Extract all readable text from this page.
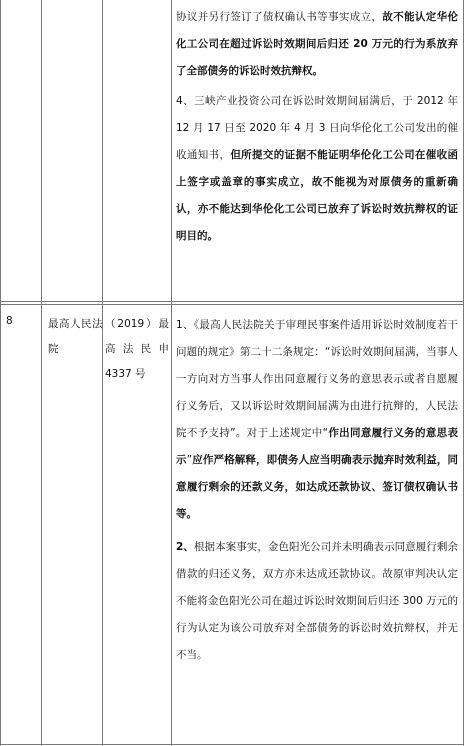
协议并另行签订了债权确认书等事实成立，故不能认定华伦化工公司在超过诉讼时效期间后归还 20 万元的行为系放弃了全部债务的诉讼时效抗辩权。

4、三峡产业投资公司在诉讼时效期间届满后，于 2012 年 12 月 17 日至 2020 年 4 月 3 日向华伦化工公司发出的催收通知书，但所提交的证据不能证明华伦化工公司在催收函上签字或盖章的事实成立，故不能视为对原债务的重新确认，亦不能达到华伦化工公司已放弃了诉讼时效抗辩权的证明目的。

8	最高人民法院
（2019）最高法民申 4337 号

1、《最高人民法院关于审理民事案件适用诉讼时效制度若干问题的规定》第二十二条规定：“诉讼时效期间届满，当事人一方向对方当事人作出同意履行义务的意思表示或者自愿履行义务后，又以诉讼时效期间届满为由进行抗辩的，人民法院不予支持”。对于上述规定中“作出同意履行义务的意思表示”应作严格解释，即债务人应当明确表示抛弃时效利益，同意履行剩余的还款义务，如达成还款协议、签订债权确认书等。

2、根据本案事实，金色阳光公司并未明确表示同意履行剩余借款的归还义务，双方亦未达成还款协议。故原审判决认定不能将金色阳光公司在超过诉讼时效期间后归还 300 万元的行为认定为该公司放弃对全部债务的诉讼时效抗辩权，并无不当。
